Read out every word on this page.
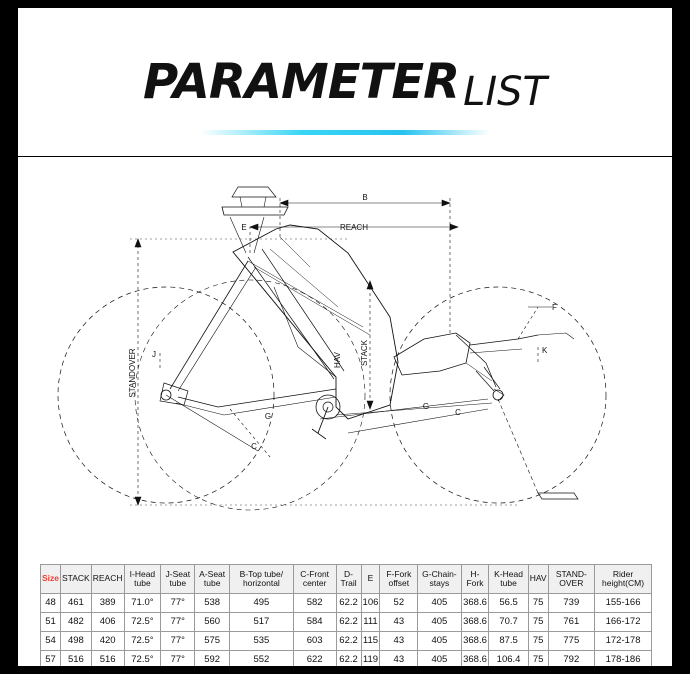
PARAMETER LIST
B
E	REACH
STACK
STANDOVER	HAV
C
C
G
G
F
J	K
Size	STACK	REACH	I-Head tube	J-Seat tube	A-Seat tube	B-Top tube/ horizontal	C-Front center	D-Trail	E	F-Fork offset	G-Chain-stays	H-Fork	K-Head tube	HAV	STAND-OVER	Rider height(CM)
48	461	389	71.0°	77°	538	495	582	62.2	106	52	405	368.6	56.5	75	739	155-166
51	482	406	72.5°	77°	560	517	584	62.2	111	43	405	368.6	70.7	75	761	166-172
54	498	420	72.5°	77°	575	535	603	62.2	115	43	405	368.6	87.5	75	775	172-178
57	516	516	72.5°	77°	592	552	622	62.2	119	43	405	368.6	106.4	75	792	178-186
